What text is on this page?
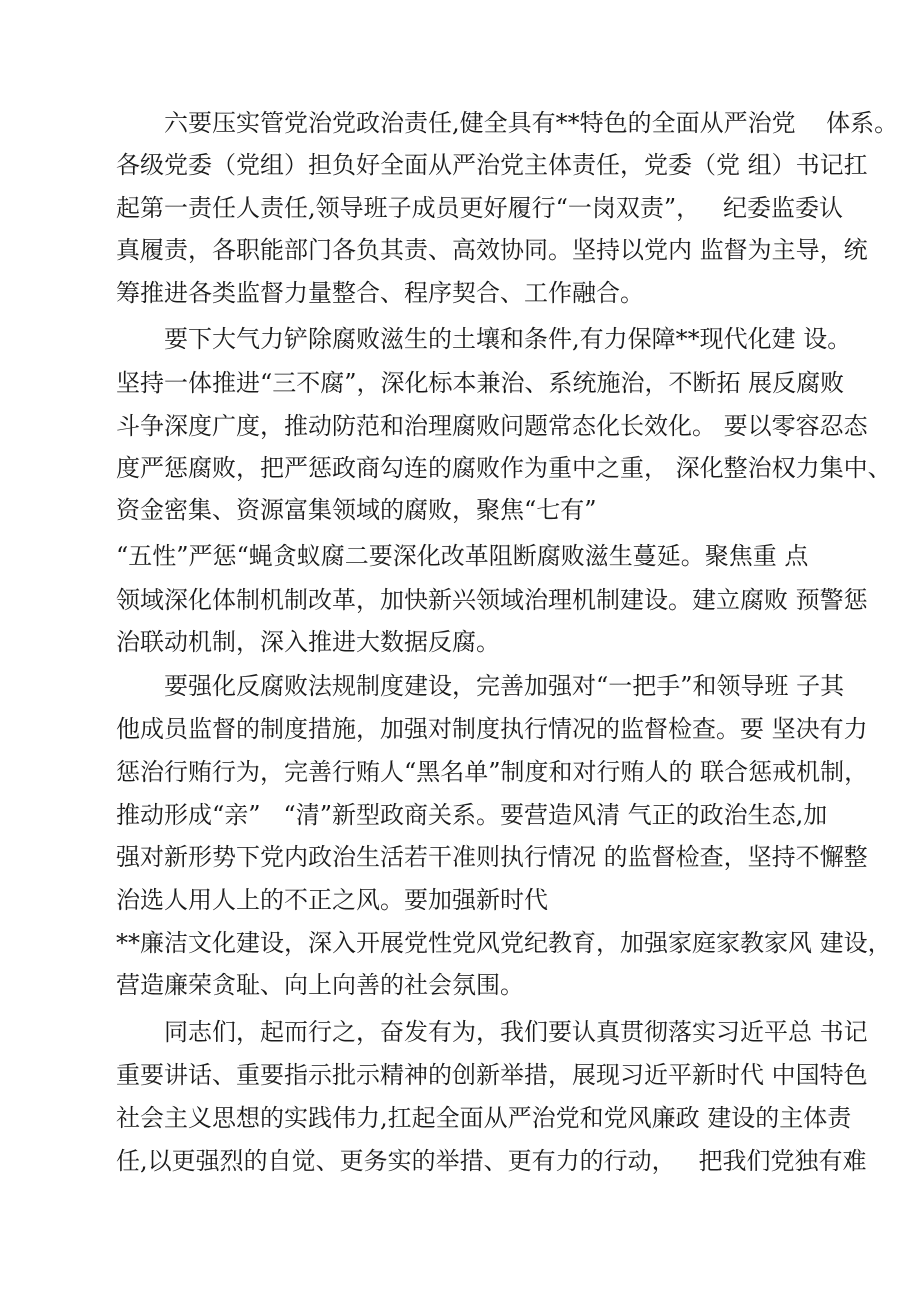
六要压实管党治党政治责任,健全具有**特色的全面从严治党    体系。
各级党委（党组）担负好全面从严治党主体责任，党委（党 组）书记扛
起第一责任人责任,领导班子成员更好履行“一岗双责”，   纪委监委认
真履责，各职能部门各负其责、高效协同。坚持以党内 监督为主导，统
筹推进各类监督力量整合、程序契合、工作融合。
要下大气力铲除腐败滋生的土壤和条件,有力保障**现代化建 设。
坚持一体推进“三不腐”，深化标本兼治、系统施治，不断拓 展反腐败
斗争深度广度，推动防范和治理腐败问题常态化长效化。 要以零容忍态
度严惩腐败，把严惩政商勾连的腐败作为重中之重， 深化整治权力集中、
资金密集、资源富集领域的腐败，聚焦“七有”
“五性”严惩“蝇贪蚁腐二要深化改革阻断腐败滋生蔓延。聚焦重 点
领域深化体制机制改革，加快新兴领域治理机制建设。建立腐败 预警惩
治联动机制，深入推进大数据反腐。
要强化反腐败法规制度建设，完善加强对“一把手”和领导班 子其
他成员监督的制度措施，加强对制度执行情况的监督检查。要 坚决有力
惩治行贿行为，完善行贿人“黑名单”制度和对行贿人的 联合惩戒机制，
推动形成“亲”   “清”新型政商关系。要营造风清 气正的政治生态,加
强对新形势下党内政治生活若干准则执行情况 的监督检查，坚持不懈整
治选人用人上的不正之风。要加强新时代
**廉洁文化建设，深入开展党性党风党纪教育，加强家庭家教家风 建设，
营造廉荣贪耻、向上向善的社会氛围。
同志们，起而行之，奋发有为，我们要认真贯彻落实习近平总 书记
重要讲话、重要指示批示精神的创新举措，展现习近平新时代 中国特色
社会主义思想的实践伟力,扛起全面从严治党和党风廉政 建设的主体责
任,以更强烈的自觉、更务实的举措、更有力的行动，   把我们党独有难
